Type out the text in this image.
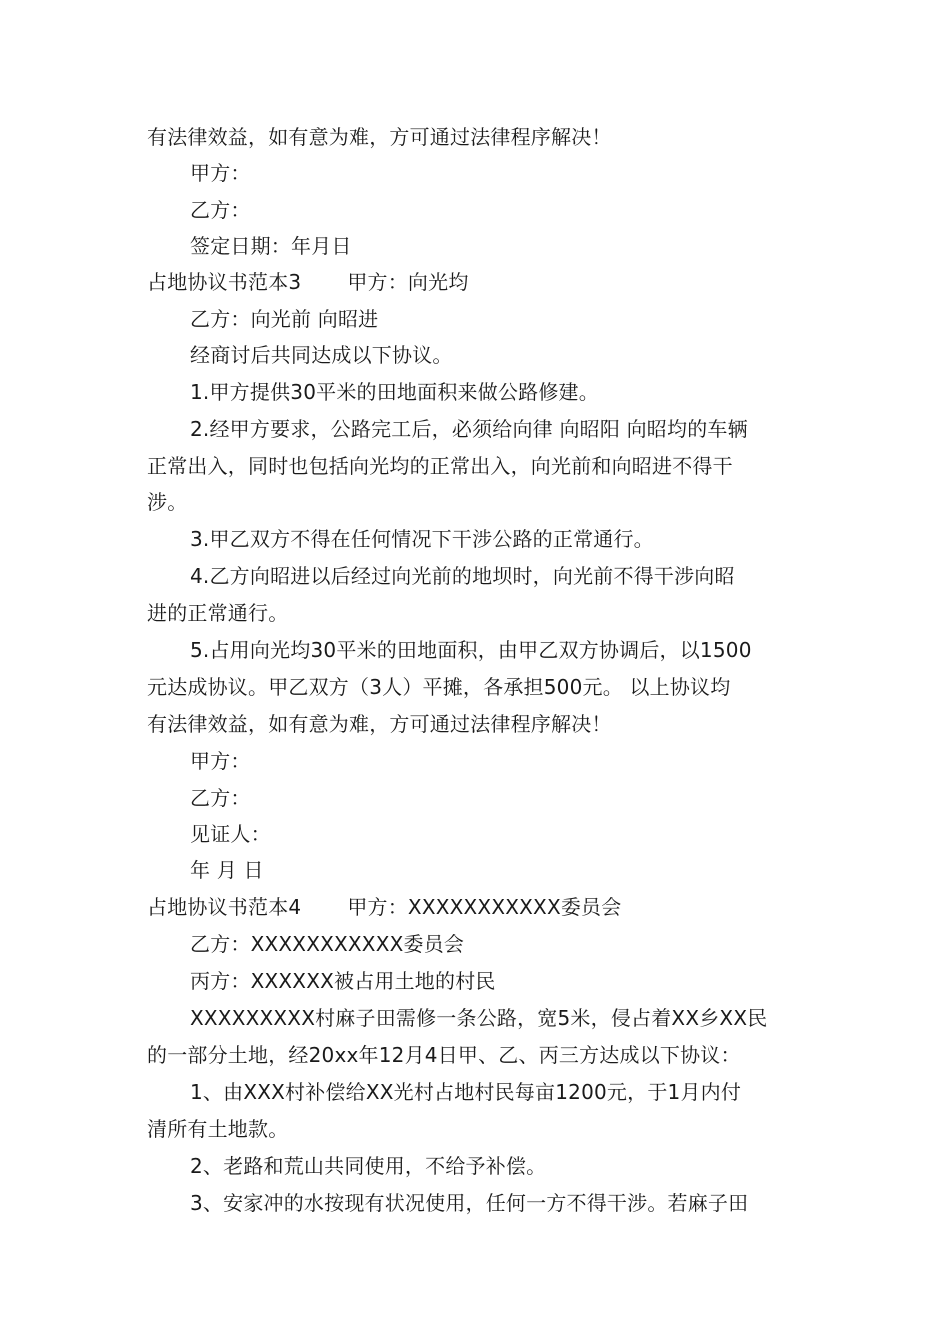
有法律效益，如有意为难，方可通过法律程序解决！
甲方：
乙方：
签定日期：年月日
占地协议书范本3 甲方：向光均
乙方：向光前 向昭进
经商讨后共同达成以下协议。
1.甲方提供30平米的田地面积来做公路修建。
2.经甲方要求，公路完工后，必须给向律 向昭阳 向昭均的车辆
正常出入，同时也包括向光均的正常出入，向光前和向昭进不得干
涉。
3.甲乙双方不得在任何情况下干涉公路的正常通行。
4.乙方向昭进以后经过向光前的地坝时，向光前不得干涉向昭
进的正常通行。
5.占用向光均30平米的田地面积，由甲乙双方协调后，以1500
元达成协议。甲乙双方（3人）平摊，各承担500元。 以上协议均
有法律效益，如有意为难，方可通过法律程序解决！
甲方：
乙方：
见证人：
年 月 日
占地协议书范本4 甲方：XXXXXXXXXXX委员会
乙方：XXXXXXXXXXX委员会
丙方：XXXXXX被占用土地的村民
XXXXXXXXX村麻子田需修一条公路，宽5米，侵占着XX乡XX民
的一部分土地，经20xx年12月4日甲、乙、丙三方达成以下协议：
1、由XXX村补偿给XX光村占地村民每亩1200元，于1月内付
清所有土地款。
2、老路和荒山共同使用，不给予补偿。
3、安家冲的水按现有状况使用，任何一方不得干涉。若麻子田
